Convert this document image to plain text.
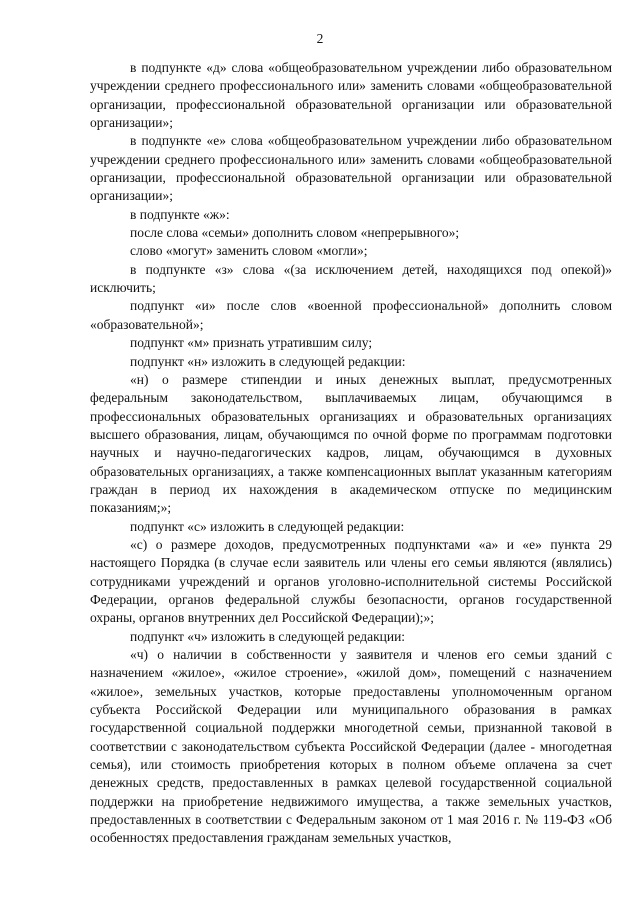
2

в подпункте «д» слова «общеобразовательном учреждении либо образовательном учреждении среднего профессионального или» заменить словами «общеобразовательной организации, профессиональной образовательной организации или образовательной организации»;

в подпункте «е» слова «общеобразовательном учреждении либо образовательном учреждении среднего профессионального или» заменить словами «общеобразовательной организации, профессиональной образовательной организации или образовательной организации»;

в подпункте «ж»:

после слова «семьи» дополнить словом «непрерывного»;

слово «могут» заменить словом «могли»;

в подпункте «з» слова «(за исключением детей, находящихся под опекой)» исключить;

подпункт «и» после слов «военной профессиональной» дополнить словом «образовательной»;

подпункт «м» признать утратившим силу;

подпункт «н» изложить в следующей редакции:

«н) о размере стипендии и иных денежных выплат, предусмотренных федеральным законодательством, выплачиваемых лицам, обучающимся в профессиональных образовательных организациях и образовательных организациях высшего образования, лицам, обучающимся по очной форме по программам подготовки научных и научно-педагогических кадров, лицам, обучающимся в духовных образовательных организациях, а также компенсационных выплат указанным категориям граждан в период их нахождения в академическом отпуске по медицинским показаниям;»;

подпункт «с» изложить в следующей редакции:

«с) о размере доходов, предусмотренных подпунктами «а» и «е» пункта 29 настоящего Порядка (в случае если заявитель или члены его семьи являются (являлись) сотрудниками учреждений и органов уголовно-исполнительной системы Российской Федерации, органов федеральной службы безопасности, органов государственной охраны, органов внутренних дел Российской Федерации);»;

подпункт «ч» изложить в следующей редакции:

«ч) о наличии в собственности у заявителя и членов его семьи зданий с назначением «жилое», «жилое строение», «жилой дом», помещений с назначением «жилое», земельных участков, которые предоставлены уполномоченным органом субъекта Российской Федерации или муниципального образования в рамках государственной социальной поддержки многодетной семьи, признанной таковой в соответствии с законодательством субъекта Российской Федерации (далее - многодетная семья), или стоимость приобретения которых в полном объеме оплачена за счет денежных средств, предоставленных в рамках целевой государственной социальной поддержки на приобретение недвижимого имущества, а также земельных участков, предоставленных в соответствии с Федеральным законом от 1 мая 2016 г. № 119-ФЗ «Об особенностях предоставления гражданам земельных участков,
